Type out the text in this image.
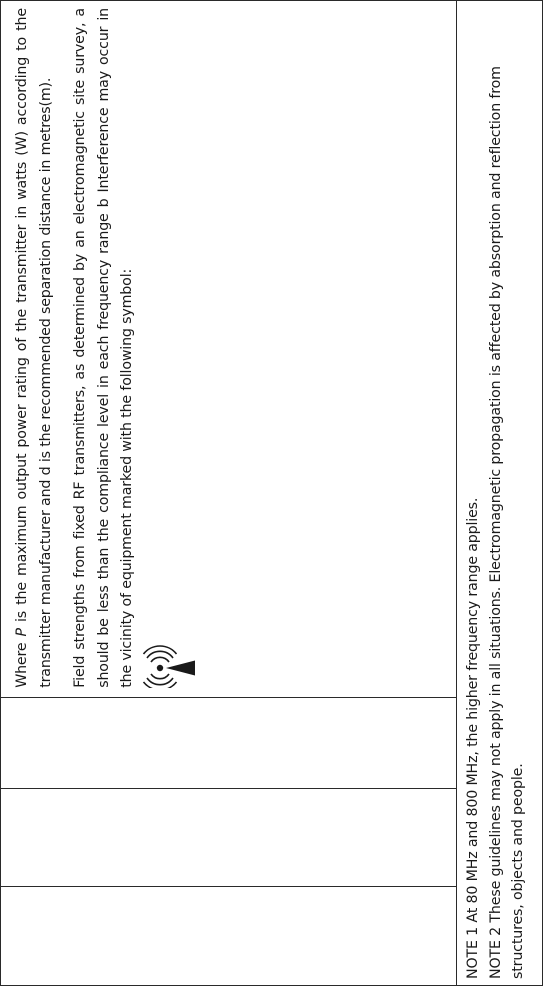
Where P is the maximum output power rating of the transmitter in watts (W) according to the transmitter manufacturer and d is the recommended separation distance in metres(m).	Field strengths from fixed RF transmitters, as determined by an electromagnetic site survey, a should be less than the compliance level in each frequency range b Interference may occur in the vicinity of equipment marked with the following symbol:

NOTE 1 At 80 MHz and 800 MHz, the higher frequency range applies. NOTE 2 These guidelines may not apply in all situations. Electromagnetic propagation is affected by absorption and reflection from structures, objects and people.
